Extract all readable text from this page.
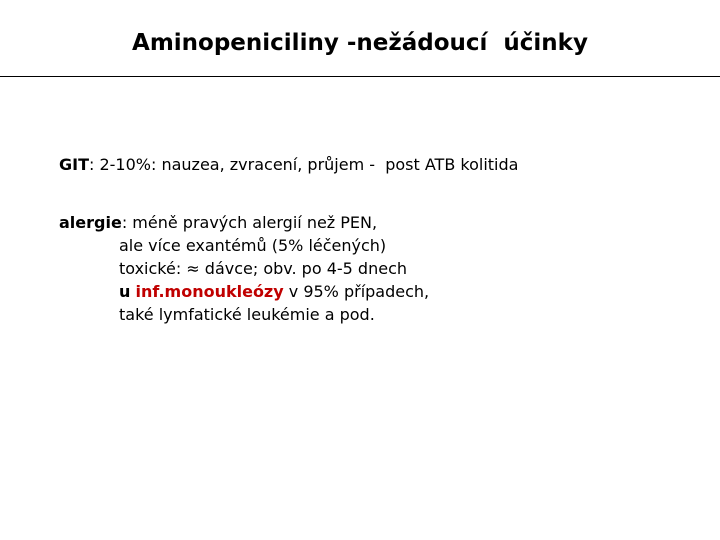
Aminopeniciliny -nežádoucí  účinky
GIT: 2-10%: nauzea, zvracení, průjem -  post ATB kolitida
alergie: méně pravých alergií než PEN,
ale více exantémů (5% léčených)
toxické: ≈ dávce; obv. po 4-5 dnech
u inf.monoukleózy v 95% případech,
také lymfatické leukémie a pod.
